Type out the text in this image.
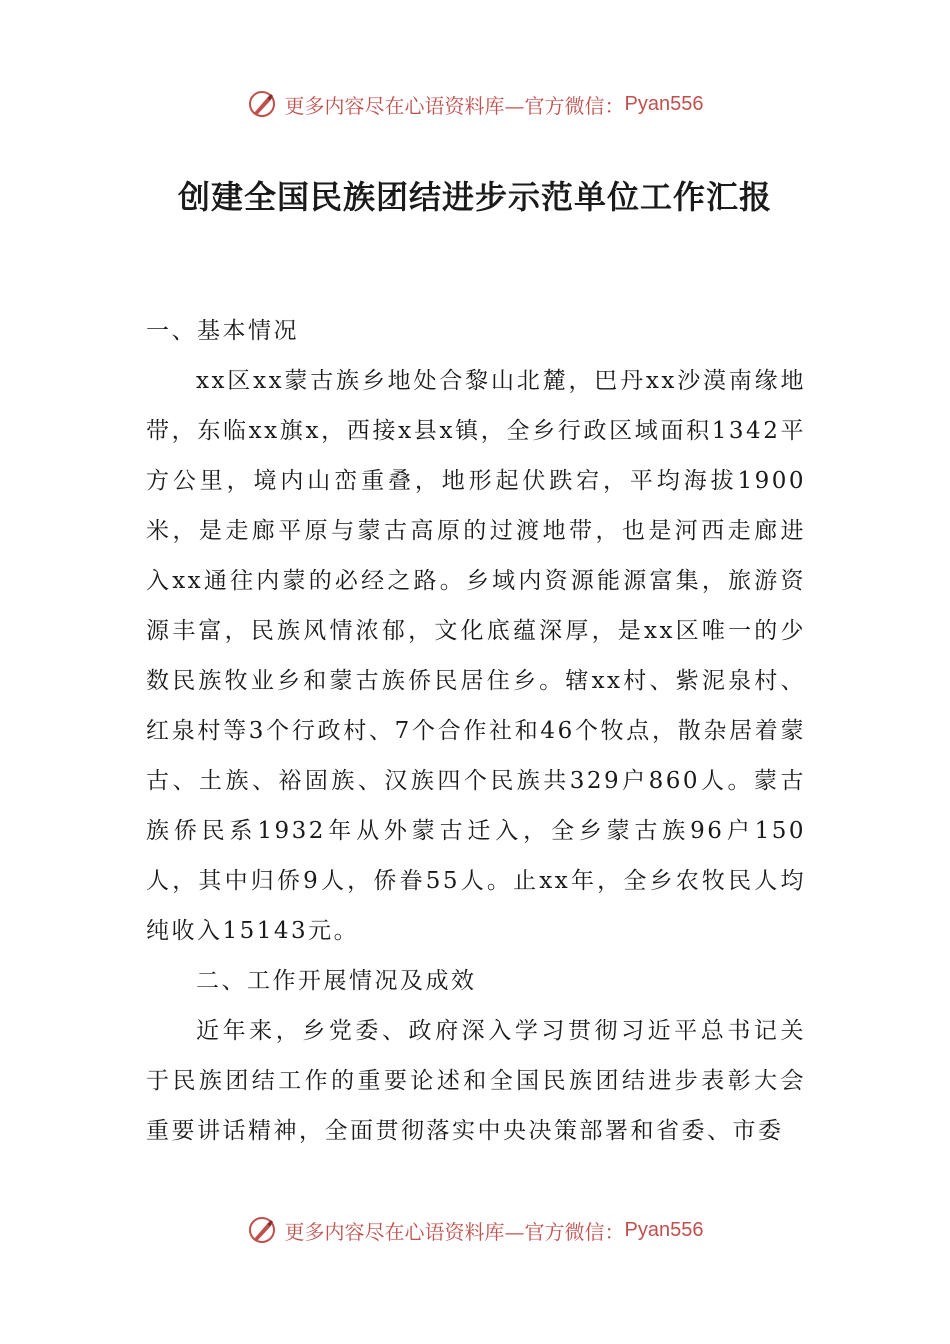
更多内容尽在心语资料库—官方微信： Pyan556
创建全国民族团结进步示范单位工作汇报

一、基本情况

xx区xx蒙古族乡地处合黎山北麓，巴丹xx沙漠南缘地带，东临xx旗x，西接x县x镇，全乡行政区域面积1342平方公里，境内山峦重叠，地形起伏跌宕，平均海拔1900米，是走廊平原与蒙古高原的过渡地带，也是河西走廊进入xx通往内蒙的必经之路。乡域内资源能源富集，旅游资源丰富，民族风情浓郁，文化底蕴深厚，是xx区唯一的少数民族牧业乡和蒙古族侨民居住乡。辖xx村、紫泥泉村、红泉村等3个行政村、7个合作社和46个牧点，散杂居着蒙古、土族、裕固族、汉族四个民族共329户860人。蒙古族侨民系1932年从外蒙古迁入，全乡蒙古族96户150人，其中归侨9人，侨眷55人。止xx年，全乡农牧民人均纯收入15143元。

二、工作开展情况及成效

近年来，乡党委、政府深入学习贯彻习近平总书记关于民族团结工作的重要论述和全国民族团结进步表彰大会重要讲话精神，全面贯彻落实中央决策部署和省委、市委

更多内容尽在心语资料库—官方微信： Pyan556
